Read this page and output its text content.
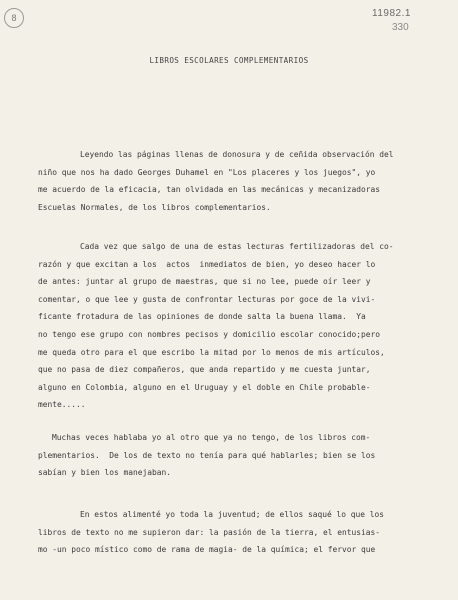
8	11982.1
330
LIBROS ESCOLARES COMPLEMENTARIOS
Leyendo las páginas llenas de donosura y de ceñida observación del
niño que nos ha dado Georges Duhamel en "Los placeres y los juegos", yo
me acuerdo de la eficacia, tan olvidada en las mecánicas y mecanizadoras
Escuelas Normales, de los libros complementarios.
Cada vez que salgo de una de estas lecturas fertilizadoras del co-
razón y que excitan a los  actos  inmediatos de bien, yo deseo hacer lo
de antes: juntar al grupo de maestras, que si no lee, puede oír leer y
comentar, o que lee y gusta de confrontar lecturas por goce de la vivi-
ficante frotadura de las opiniones de donde salta la buena llama.  Ya
no tengo ese grupo con nombres pecisos y domicilio escolar conocido;pero
me queda otro para el que escribo la mitad por lo menos de mis artículos,
que no pasa de diez compañeros, que anda repartido y me cuesta juntar,
alguno en Colombia, alguno en el Uruguay y el doble en Chile probable-
mente.....
Muchas veces hablaba yo al otro que ya no tengo, de los libros com-
plementarios.  De los de texto no tenía para qué hablarles; bien se los
sabían y bien los manejaban.
En estos alimenté yo toda la juventud; de ellos saqué lo que los
libros de texto no me supieron dar: la pasión de la tierra, el entusias-
mo -un poco místico como de rama de magia- de la química; el fervor que
